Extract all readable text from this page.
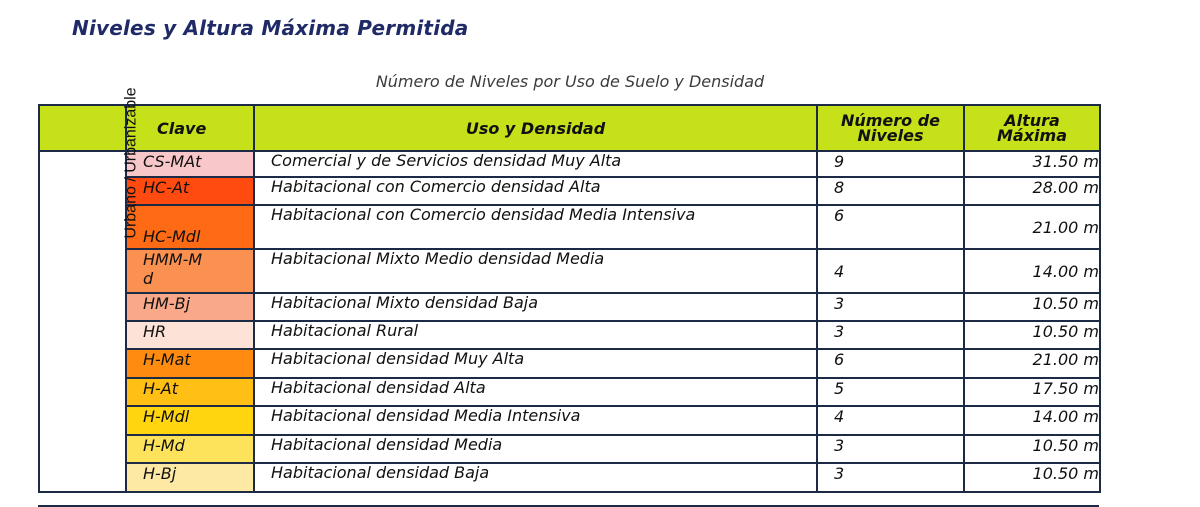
Niveles y Altura Máxima Permitida
Número de Niveles por Uso de Suelo y Densidad
	Clave	Uso y Densidad	Número de Niveles	Altura Máxima
Urbano / Urbanizable	CS-MAt	Comercial y de Servicios densidad Muy Alta	9	31.50 m
	HC-At	Habitacional con Comercio densidad Alta	8	28.00 m
	HC-Mdl	Habitacional con Comercio densidad Media Intensiva	6	21.00 m
	HMM-Md	Habitacional Mixto Medio densidad Media	4	14.00 m
	HM-Bj	Habitacional Mixto densidad Baja	3	10.50 m
	HR	Habitacional Rural	3	10.50 m
	H-Mat	Habitacional densidad Muy Alta	6	21.00 m
	H-At	Habitacional densidad Alta	5	17.50 m
	H-Mdl	Habitacional densidad Media Intensiva	4	14.00 m
	H-Md	Habitacional densidad Media	3	10.50 m
	H-Bj	Habitacional densidad Baja	3	10.50 m
